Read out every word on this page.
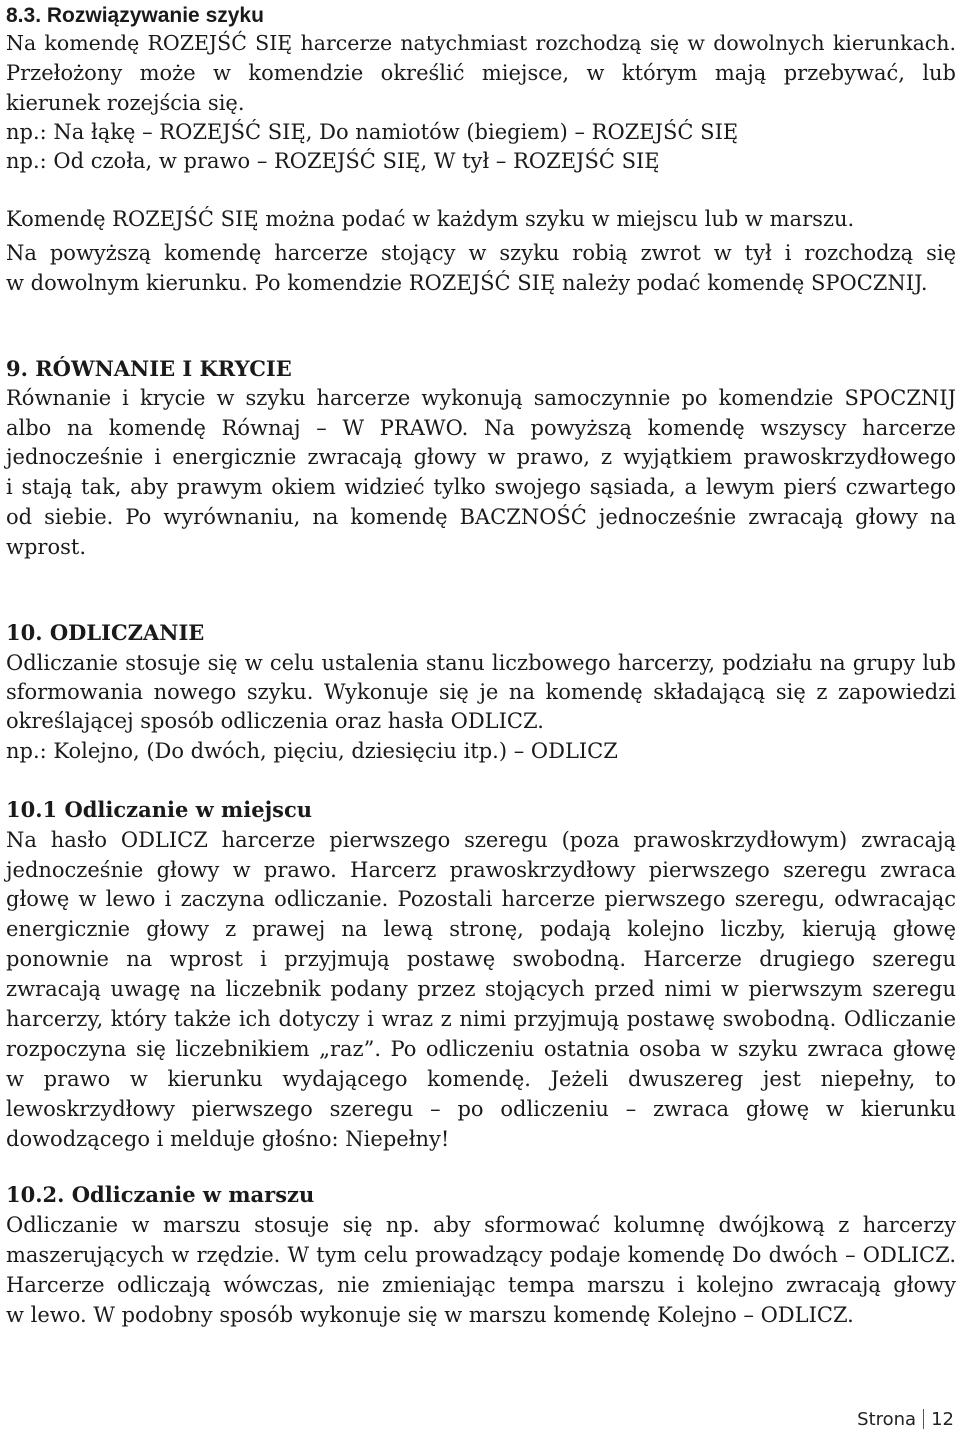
8.3. Rozwiązywanie szyku
Na komendę ROZEJŚĆ SIĘ harcerze natychmiast rozchodzą się w dowolnych kierunkach.
Przełożony może w komendzie określić miejsce, w którym mają przebywać, lub
kierunek rozejścia się.
np.: Na łąkę – ROZEJŚĆ SIĘ, Do namiotów (biegiem) – ROZEJŚĆ SIĘ
np.: Od czoła, w prawo – ROZEJŚĆ SIĘ, W tył – ROZEJŚĆ SIĘ
Komendę ROZEJŚĆ SIĘ można podać w każdym szyku w miejscu lub w marszu.
Na powyższą komendę harcerze stojący w szyku robią zwrot w tył i rozchodzą się
w dowolnym kierunku. Po komendzie ROZEJŚĆ SIĘ należy podać komendę SPOCZNIJ.
9. RÓWNANIE I KRYCIE
Równanie i krycie w szyku harcerze wykonują samoczynnie po komendzie SPOCZNIJ
albo na komendę Równaj – W PRAWO. Na powyższą komendę wszyscy harcerze
jednocześnie i energicznie zwracają głowy w prawo, z wyjątkiem prawoskrzydłowego
i stają tak, aby prawym okiem widzieć tylko swojego sąsiada, a lewym pierś czwartego
od siebie. Po wyrównaniu, na komendę BACZNOŚĆ jednocześnie zwracają głowy na
wprost.
10. ODLICZANIE
Odliczanie stosuje się w celu ustalenia stanu liczbowego harcerzy, podziału na grupy lub
sformowania nowego szyku. Wykonuje się je na komendę składającą się z zapowiedzi
określającej sposób odliczenia oraz hasła ODLICZ.
np.: Kolejno, (Do dwóch, pięciu, dziesięciu itp.) – ODLICZ
10.1 Odliczanie w miejscu
Na hasło ODLICZ harcerze pierwszego szeregu (poza prawoskrzydłowym) zwracają
jednocześnie głowy w prawo. Harcerz prawoskrzydłowy pierwszego szeregu zwraca
głowę w lewo i zaczyna odliczanie. Pozostali harcerze pierwszego szeregu, odwracając
energicznie głowy z prawej na lewą stronę, podają kolejno liczby, kierują głowę
ponownie na wprost i przyjmują postawę swobodną. Harcerze drugiego szeregu
zwracają uwagę na liczebnik podany przez stojących przed nimi w pierwszym szeregu
harcerzy, który także ich dotyczy i wraz z nimi przyjmują postawę swobodną. Odliczanie
rozpoczyna się liczebnikiem „raz”. Po odliczeniu ostatnia osoba w szyku zwraca głowę
w prawo w kierunku wydającego komendę. Jeżeli dwuszereg jest niepełny, to
lewoskrzydłowy pierwszego szeregu – po odliczeniu – zwraca głowę w kierunku
dowodzącego i melduje głośno: Niepełny!
10.2. Odliczanie w marszu
Odliczanie w marszu stosuje się np. aby sformować kolumnę dwójkową z harcerzy
maszerujących w rzędzie. W tym celu prowadzący podaje komendę Do dwóch – ODLICZ.
Harcerze odliczają wówczas, nie zmieniając tempa marszu i kolejno zwracają głowy
w lewo. W podobny sposób wykonuje się w marszu komendę Kolejno – ODLICZ.
Strona 12
